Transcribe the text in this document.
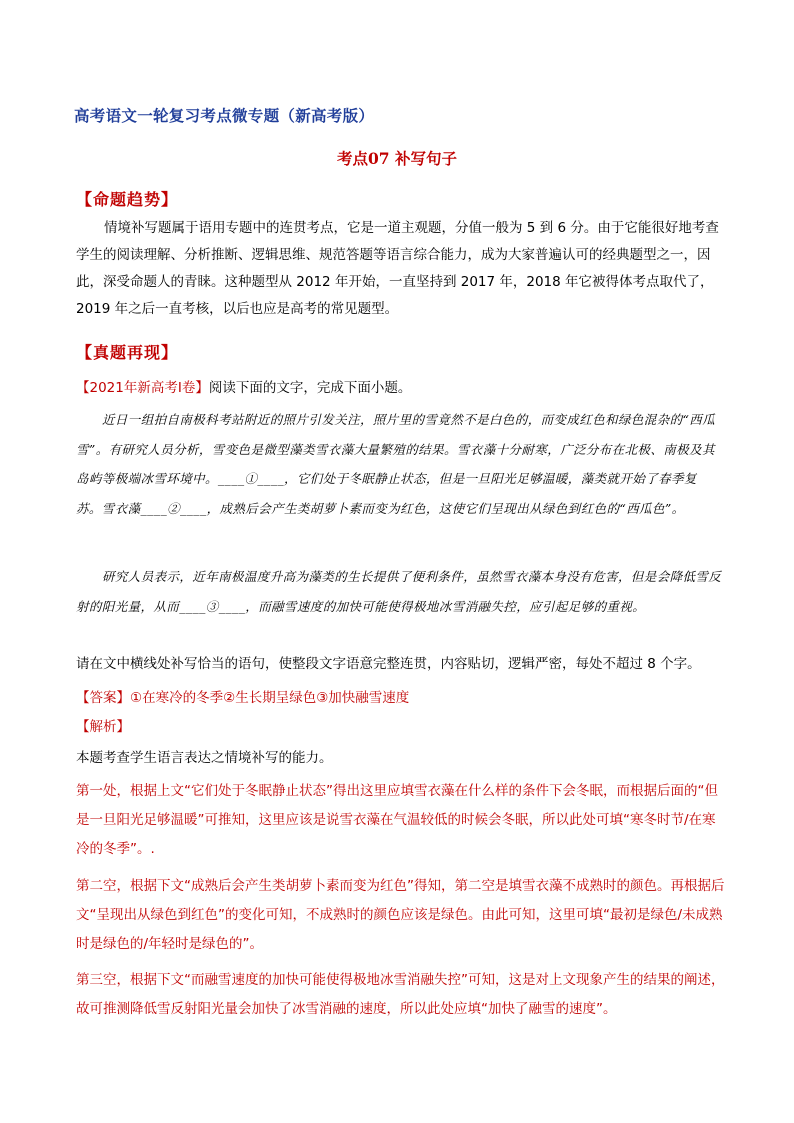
高考语文一轮复习考点微专题（新高考版）
考点07 补写句子
【命题趋势】

情境补写题属于语用专题中的连贯考点，它是一道主观题，分值一般为 5 到 6 分。由于它能很好地考查学生的阅读理解、分析推断、逻辑思维、规范答题等语言综合能力，成为大家普遍认可的经典题型之一，因此，深受命题人的青睐。这种题型从 2012 年开始，一直坚持到 2017 年，2018 年它被得体考点取代了，2019 年之后一直考核，以后也应是高考的常见题型。

【真题再现】

【2021年新高考Ⅰ卷】阅读下面的文字，完成下面小题。

近日一组拍自南极科考站附近的照片引发关注，照片里的雪竟然不是白色的，而变成红色和绿色混杂的“西瓜雪”。有研究人员分析，雪变色是微型藻类雪衣藻大量繁殖的结果。雪衣藻十分耐寒，广泛分布在北极、南极及其岛屿等极端冰雪环境中。____①____，它们处于冬眠静止状态，但是一旦阳光足够温暖，藻类就开始了春季复苏。雪衣藻____②____，成熟后会产生类胡萝卜素而变为红色，这使它们呈现出从绿色到红色的“西瓜色”。

研究人员表示，近年南极温度升高为藻类的生长提供了便利条件，虽然雪衣藻本身没有危害，但是会降低雪反射的阳光量，从而____③____，而融雪速度的加快可能使得极地冰雪消融失控，应引起足够的重视。

请在文中横线处补写恰当的语句，使整段文字语意完整连贯，内容贴切，逻辑严密，每处不超过 8 个字。

【答案】①在寒冷的冬季②生长期呈绿色③加快融雪速度

【解析】

本题考查学生语言表达之情境补写的能力。

第一处，根据上文“它们处于冬眠静止状态”得出这里应填雪衣藻在什么样的条件下会冬眠，而根据后面的“但是一旦阳光足够温暖”可推知，这里应该是说雪衣藻在气温较低的时候会冬眠，所以此处可填“寒冬时节/在寒冷的冬季”。.

第二空，根据下文“成熟后会产生类胡萝卜素而变为红色”得知，第二空是填雪衣藻不成熟时的颜色。再根据后文“呈现出从绿色到红色”的变化可知，不成熟时的颜色应该是绿色。由此可知，这里可填“最初是绿色/未成熟时是绿色的/年轻时是绿色的”。

第三空，根据下文“而融雪速度的加快可能使得极地冰雪消融失控”可知，这是对上文现象产生的结果的阐述，故可推测降低雪反射阳光量会加快了冰雪消融的速度，所以此处应填“加快了融雪的速度”。
